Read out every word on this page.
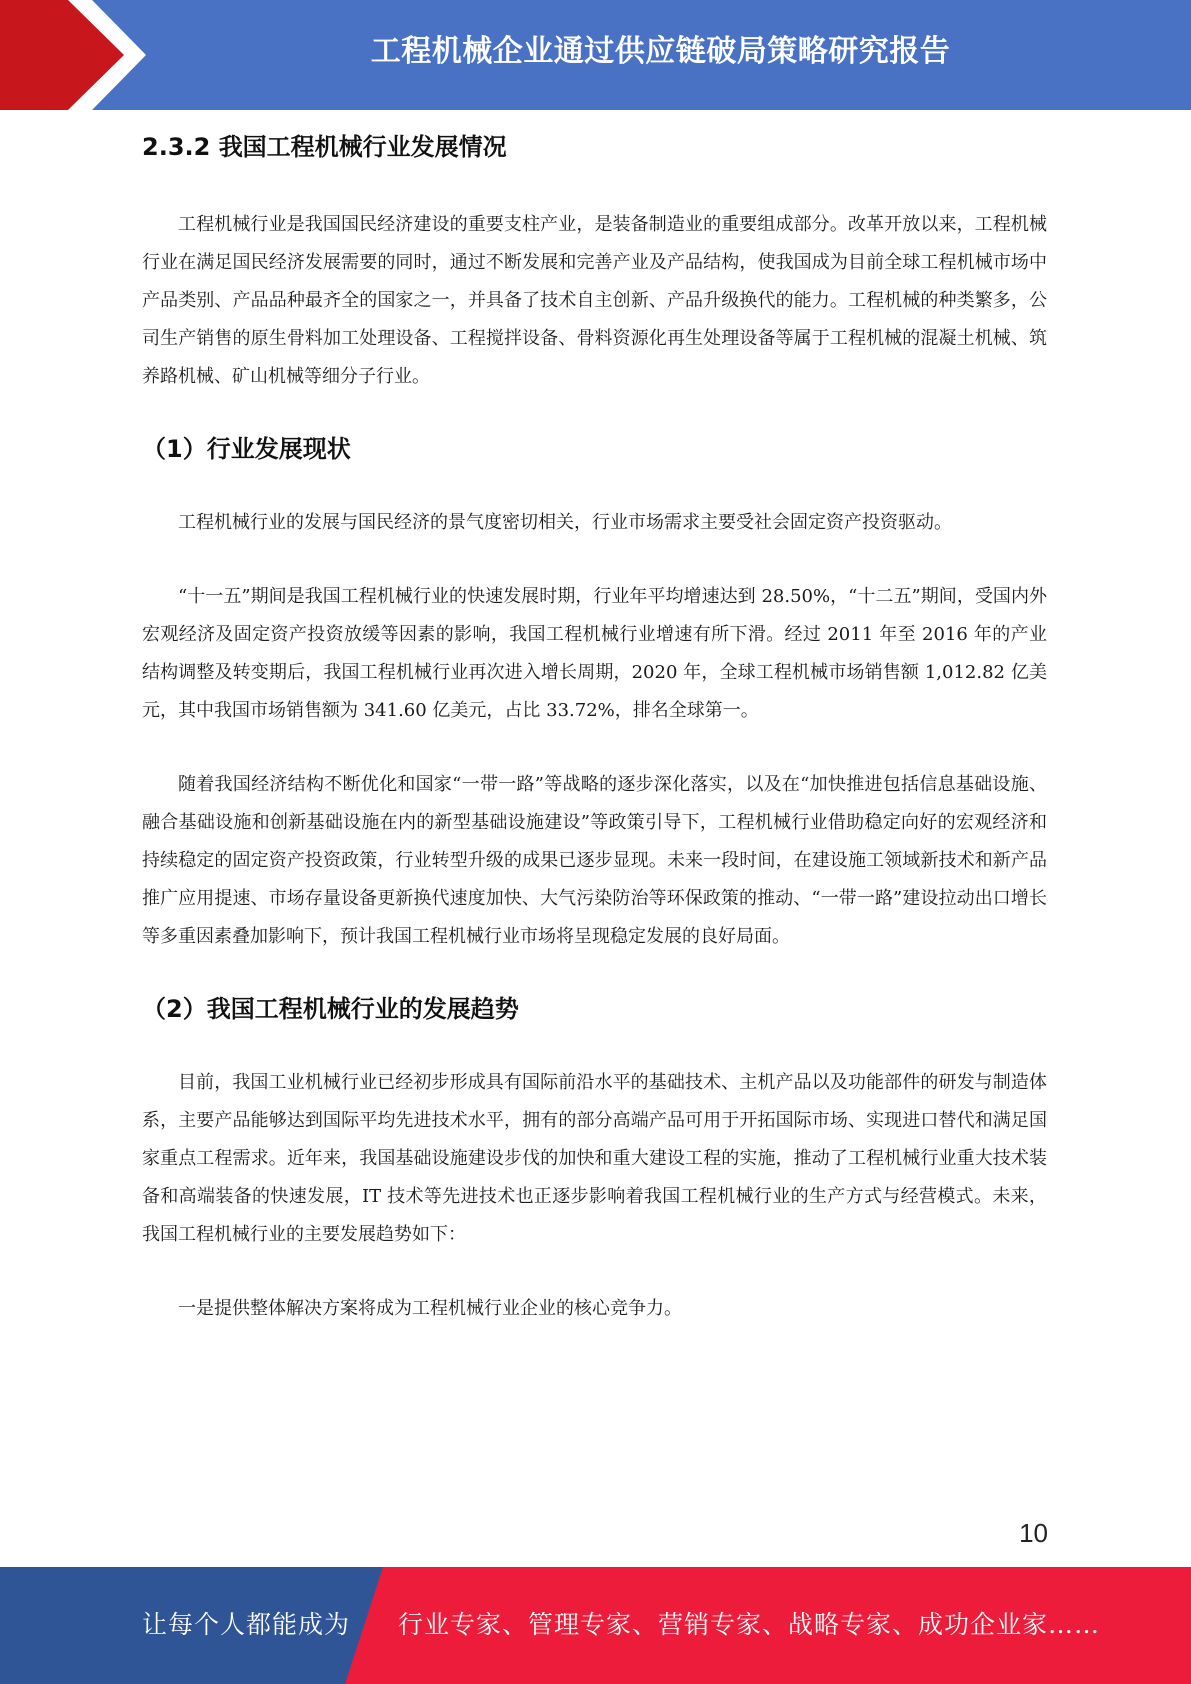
工程机械企业通过供应链破局策略研究报告
2.3.2 我国工程机械行业发展情况

工程机械行业是我国国民经济建设的重要支柱产业，是装备制造业的重要组成部分。改革开放以来，工程机械行业在满足国民经济发展需要的同时，通过不断发展和完善产业及产品结构，使我国成为目前全球工程机械市场中产品类别、产品品种最齐全的国家之一，并具备了技术自主创新、产品升级换代的能力。工程机械的种类繁多，公司生产销售的原生骨料加工处理设备、工程搅拌设备、骨料资源化再生处理设备等属于工程机械的混凝土机械、筑养路机械、矿山机械等细分子行业。

（1）行业发展现状

工程机械行业的发展与国民经济的景气度密切相关，行业市场需求主要受社会固定资产投资驱动。

“十一五”期间是我国工程机械行业的快速发展时期，行业年平均增速达到 28.50%，“十二五”期间，受国内外宏观经济及固定资产投资放缓等因素的影响，我国工程机械行业增速有所下滑。经过 2011 年至 2016 年的产业结构调整及转变期后，我国工程机械行业再次进入增长周期，2020 年，全球工程机械市场销售额 1,012.82 亿美元，其中我国市场销售额为 341.60 亿美元，占比 33.72%，排名全球第一。

随着我国经济结构不断优化和国家“一带一路”等战略的逐步深化落实，以及在“加快推进包括信息基础设施、融合基础设施和创新基础设施在内的新型基础设施建设”等政策引导下，工程机械行业借助稳定向好的宏观经济和持续稳定的固定资产投资政策，行业转型升级的成果已逐步显现。未来一段时间，在建设施工领域新技术和新产品推广应用提速、市场存量设备更新换代速度加快、大气污染防治等环保政策的推动、“一带一路”建设拉动出口增长等多重因素叠加影响下，预计我国工程机械行业市场将呈现稳定发展的良好局面。

（2）我国工程机械行业的发展趋势

目前，我国工业机械行业已经初步形成具有国际前沿水平的基础技术、主机产品以及功能部件的研发与制造体系，主要产品能够达到国际平均先进技术水平，拥有的部分高端产品可用于开拓国际市场、实现进口替代和满足国家重点工程需求。近年来，我国基础设施建设步伐的加快和重大建设工程的实施，推动了工程机械行业重大技术装备和高端装备的快速发展，IT 技术等先进技术也正逐步影响着我国工程机械行业的生产方式与经营模式。未来，我国工程机械行业的主要发展趋势如下：

一是提供整体解决方案将成为工程机械行业企业的核心竞争力。

10
让每个人都能成为 行业专家、管理专家、营销专家、战略专家、成功企业家……
